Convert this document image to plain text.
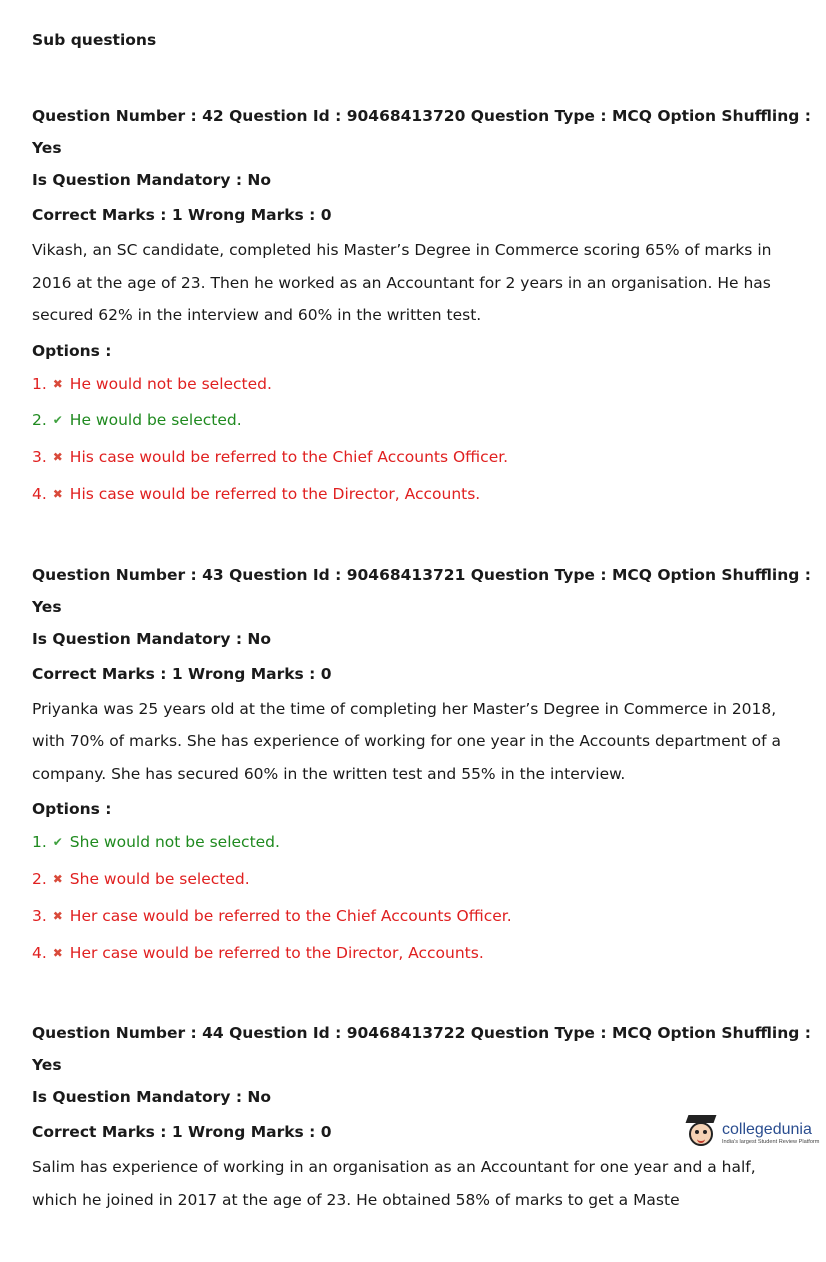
Sub questions

Question Number : 42 Question Id : 90468413720 Question Type : MCQ Option Shuffling : Yes
Is Question Mandatory : No
Correct Marks : 1 Wrong Marks : 0
Vikash, an SC candidate, completed his Master’s Degree in Commerce scoring 65% of marks in 2016 at the age of 23. Then he worked as an Accountant for 2 years in an organisation. He has secured 62% in the interview and 60% in the written test.
Options :
1. ✖ He would not be selected.
2. ✔ He would be selected.
3. ✖ His case would be referred to the Chief Accounts Officer.
4. ✖ His case would be referred to the Director, Accounts.
Question Number : 43 Question Id : 90468413721 Question Type : MCQ Option Shuffling : Yes
Is Question Mandatory : No
Correct Marks : 1 Wrong Marks : 0
Priyanka was 25 years old at the time of completing her Master’s Degree in Commerce in 2018, with 70% of marks. She has experience of working for one year in the Accounts department of a company. She has secured 60% in the written test and 55% in the interview.
Options :
1. ✔ She would not be selected.
2. ✖ She would be selected.
3. ✖ Her case would be referred to the Chief Accounts Officer.
4. ✖ Her case would be referred to the Director, Accounts.
Question Number : 44 Question Id : 90468413722 Question Type : MCQ Option Shuffling : Yes
Is Question Mandatory : No
Correct Marks : 1 Wrong Marks : 0
Salim has experience of working in an organisation as an Accountant for one year and a half,
which he joined in 2017 at the age of 23. He obtained 58% of marks to get a Maste
collegedunia
India's largest Student Review Platform
